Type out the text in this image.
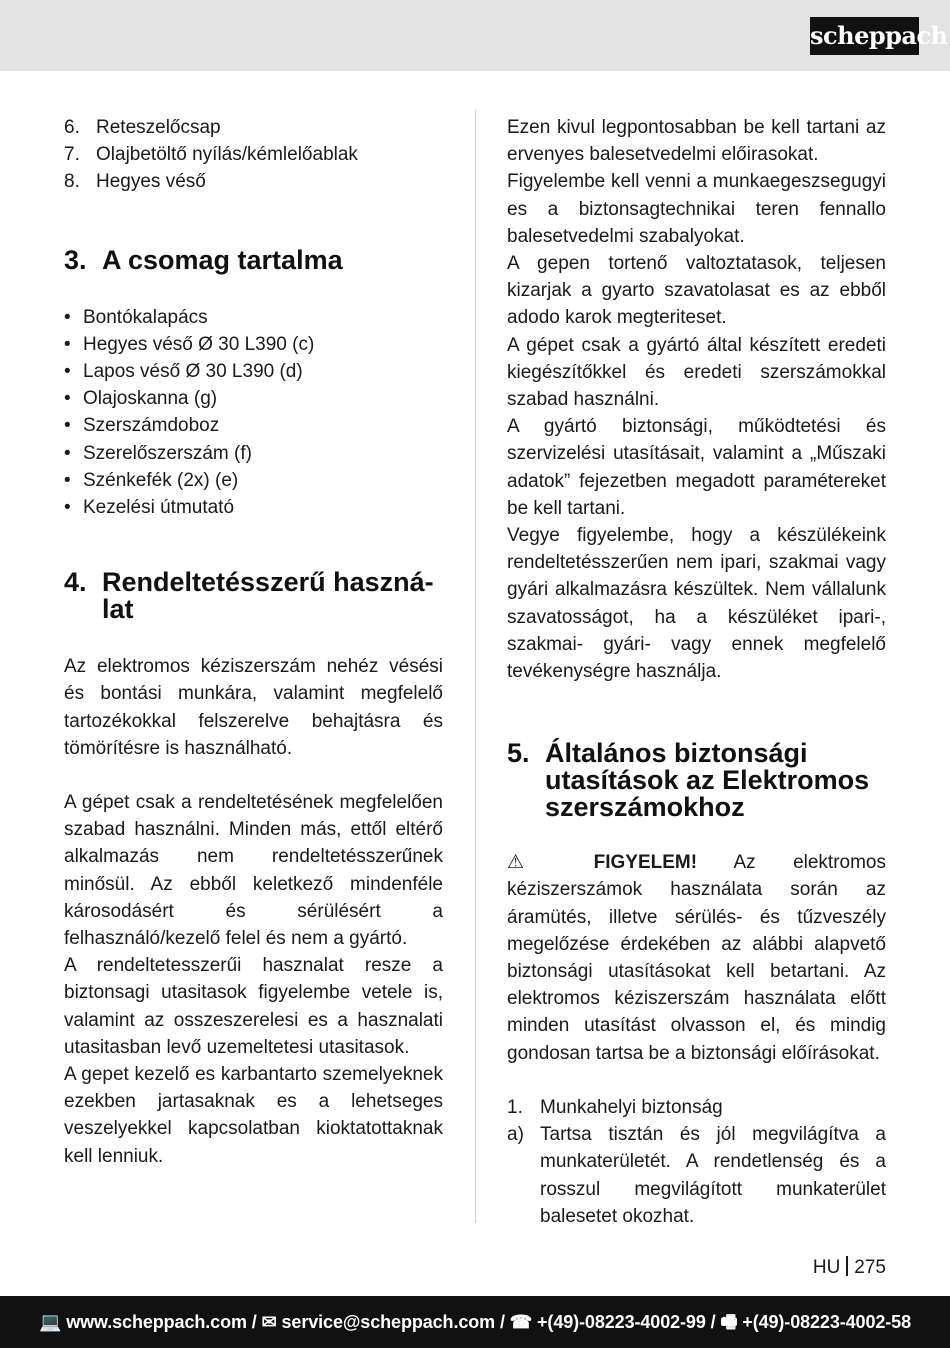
scheppach
6. Reteszelőcsap
7. Olajbetöltő nyílás/kémlelőablak
8. Hegyes véső
3. A csomag tartalma
• Bontókalapács
• Hegyes véső Ø 30 L390 (c)
• Lapos véső Ø 30 L390 (d)
• Olajoskanna (g)
• Szerszámdoboz
• Szerelőszerszám (f)
• Szénkefék (2x) (e)
• Kezelési útmutató
4. Rendeltetésszerű haszná-
lat

Az elektromos kéziszerszám nehéz vésési és bontási munkára, valamint megfelelő tartozékokkal felszerelve behajtásra és tömörítésre is használható.

A gépet csak a rendeltetésének megfelelően szabad használni. Minden más, ettől eltérő alkalmazás nem rendeltetésszerűnek minősül. Az ebből keletkező mindenféle károsodásért és sérülésért a felhasználó/kezelő felel és nem a gyártó.

A rendeltetesszerűi hasznalat resze a biztonsagi utasitasok figyelembe vetele is, valamint az osszeszerelesi es a hasznalati utasitasban levő uzemeltetesi utasitasok.

A gepet kezelő es karbantarto szemelyeknek ezekben jartasaknak es a lehetseges veszelyekkel kapcsolatban kioktatottaknak kell lenniuk.

Ezen kivul legpontosabban be kell tartani az ervenyes balesetvedelmi előirasokat.

Figyelembe kell venni a munkaegeszsegugyi es a biztonsagtechnikai teren fennallo balesetvedelmi szabalyokat.

A gepen tortenő valtoztatasok, teljesen kizarjak a gyarto szavatolasat es az ebből adodo karok megteriteset.

A gépet csak a gyártó által készített eredeti kiegészítőkkel és eredeti szerszámokkal szabad használni.

A gyártó biztonsági, működtetési és szervizelési utasításait, valamint a „Műszaki adatok” fejezetben megadott paramétereket be kell tartani.

Vegye figyelembe, hogy a készülékeink rendeltetésszerűen nem ipari, szakmai vagy gyári alkalmazásra készültek. Nem vállalunk szavatosságot, ha a készüléket ipari-, szakmai- gyári- vagy ennek megfelelő tevékenységre használja.

5. Általános biztonsági
utasítások az Elektromos
szerszámokhoz

⚠ FIGYELEM! Az elektromos kéziszerszámok használata során az áramütés, illetve sérülés- és tűzveszély megelőzése érdekében az alábbi alapvető biztonsági utasításokat kell betartani. Az elektromos kéziszerszám használata előtt minden utasítást olvasson el, és mindig gondosan tartsa be a biztonsági előírásokat.

1. Munkahelyi biztonság
a) Tartsa tisztán és jól megvilágítva a munkaterületét. A rendetlenség és a rosszul megvilágított munkaterület balesetet okozhat.

HU 275
💻 www.scheppach.com / ✉ service@scheppach.com / ☎ +(49)-08223-4002-99 / 🖷 +(49)-08223-4002-58
